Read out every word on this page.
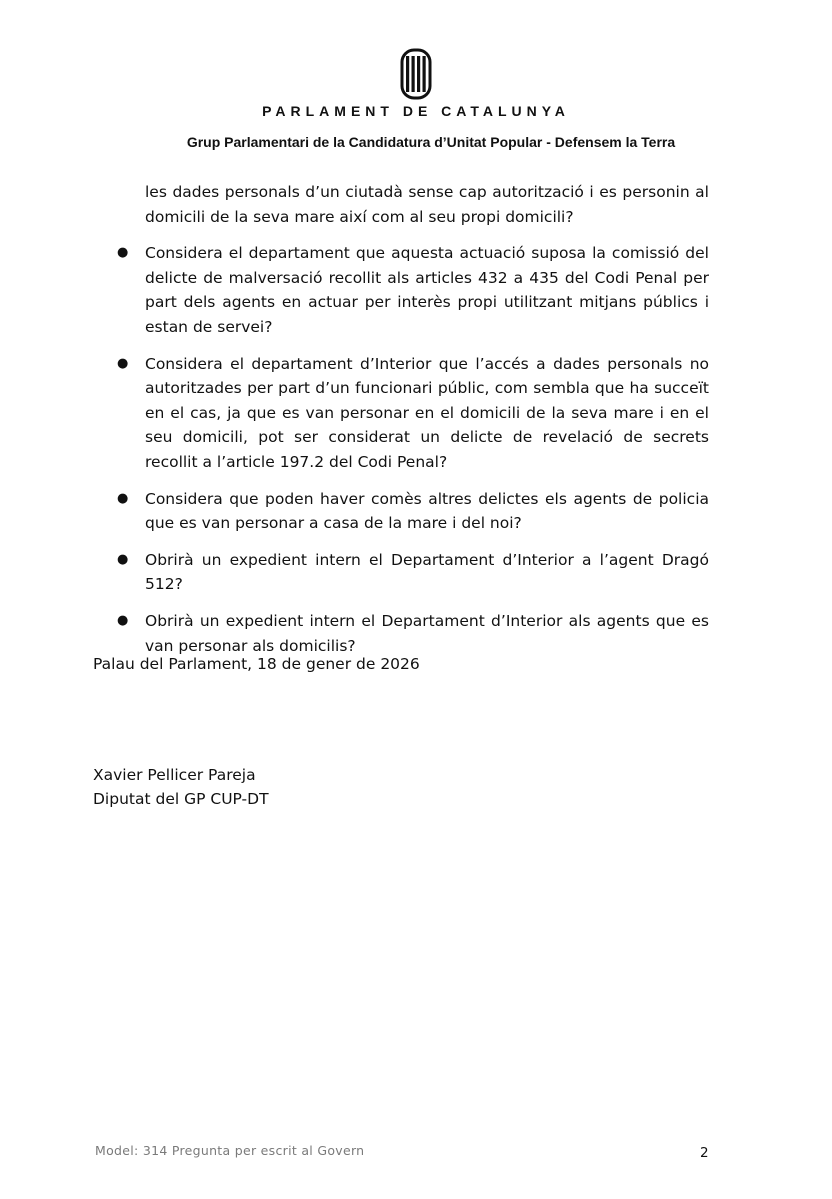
PARLAMENT DE CATALUNYA

Grup Parlamentari de la Candidatura d’Unitat Popular - Defensem la Terra

les dades personals d’un ciutadà sense cap autorització i es personin al domicili de la seva mare així com al seu propi domicili?

● Considera el departament que aquesta actuació suposa la comissió del delicte de malversació recollit als articles 432 a 435 del Codi Penal per part dels agents en actuar per interès propi utilitzant mitjans públics i estan de servei?
● Considera el departament d’Interior que l’accés a dades personals no autoritzades per part d’un funcionari públic, com sembla que ha succeït en el cas, ja que es van personar en el domicili de la seva mare i en el seu domicili, pot ser considerat un delicte de revelació de secrets recollit a l’article 197.2 del Codi Penal?
● Considera que poden haver comès altres delictes els agents de policia que es van personar a casa de la mare i del noi?
● Obrirà un expedient intern el Departament d’Interior a l’agent Dragó 512?
● Obrirà un expedient intern el Departament d’Interior als agents que es van personar als domicilis?

Palau del Parlament, 18 de gener de 2026

Xavier Pellicer Pareja
Diputat del GP CUP-DT
Model: 314 Pregunta per escrit al Govern	2
